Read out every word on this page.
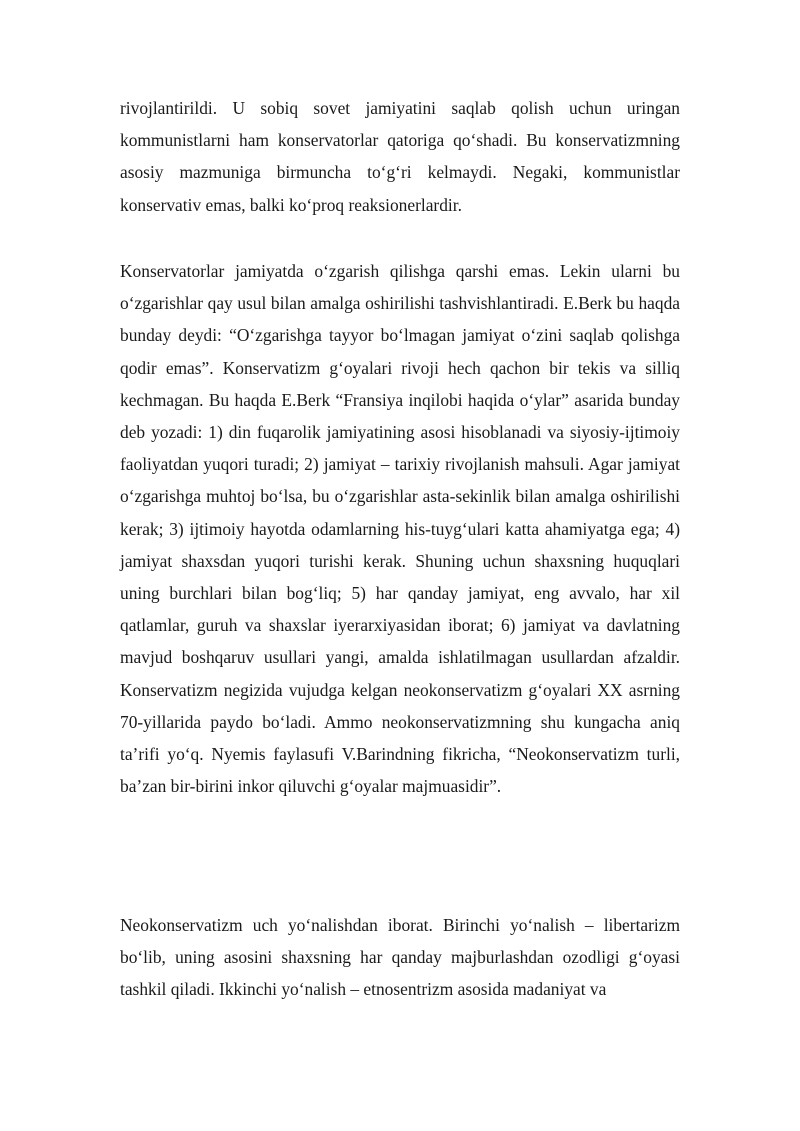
rivojlantirildi. U sobiq sovet jamiyatini saqlab qolish uchun uringan kommunistlarni ham konservatorlar qatoriga qo‘shadi. Bu konservatizmning asosiy mazmuniga birmuncha to‘g‘ri kelmaydi. Negaki, kommunistlar konservativ emas, balki ko‘proq reaksionerlardir.

Konservatorlar jamiyatda o‘zgarish qilishga qarshi emas. Lekin ularni bu o‘zgarishlar qay usul bilan amalga oshirilishi tashvishlantiradi. E.Berk bu haqda bunday deydi: “O‘zgarishga tayyor bo‘lmagan jamiyat o‘zini saqlab qolishga qodir emas”. Konservatizm g‘oyalari rivoji hech qachon bir tekis va silliq kechmagan. Bu haqda E.Berk “Fransiya inqilobi haqida o‘ylar” asarida bunday deb yozadi: 1) din fuqarolik jamiyatining asosi hisoblanadi va siyosiy-ijtimoiy faoliyatdan yuqori turadi; 2) jamiyat – tarixiy rivojlanish mahsuli. Agar jamiyat o‘zgarishga muhtoj bo‘lsa, bu o‘zgarishlar asta-sekinlik bilan amalga oshirilishi kerak; 3) ijtimoiy hayotda odamlarning his-tuyg‘ulari katta ahamiyatga ega; 4) jamiyat shaxsdan yuqori turishi kerak. Shuning uchun shaxsning huquqlari uning burchlari bilan bog‘liq; 5) har qanday jamiyat, eng avvalo, har xil qatlamlar, guruh va shaxslar iyerarxiyasidan iborat; 6) jamiyat va davlatning mavjud boshqaruv usullari yangi, amalda ishlatilmagan usullardan afzaldir. Konservatizm negizida vujudga kelgan neokonservatizm g‘oyalari XX asrning 70-yillarida paydo bo‘ladi. Ammo neokonservatizmning shu kungacha aniq ta’rifi yo‘q. Nyemis faylasufi V.Barindning fikricha, “Neokonservatizm turli, ba’zan bir-birini inkor qiluvchi g‘oyalar majmuasidir”.

Neokonservatizm uch yo‘nalishdan iborat. Birinchi yo‘nalish – libertarizm bo‘lib, uning asosini shaxsning har qanday majburlashdan ozodligi g‘oyasi tashkil qiladi. Ikkinchi yo‘nalish – etnosentrizm asosida madaniyat va
